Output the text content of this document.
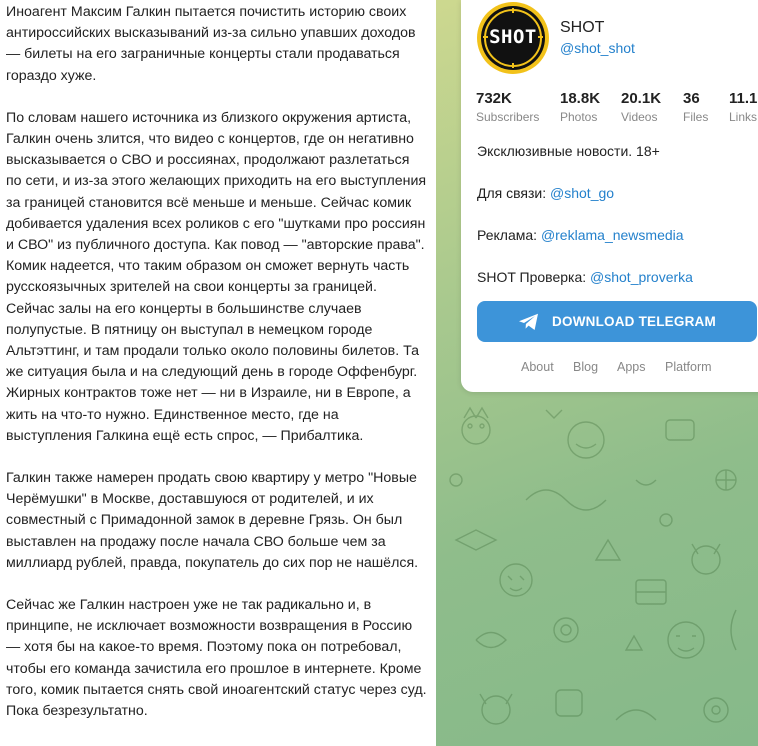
Иноагент Максим Галкин пытается почистить историю своих антироссийских высказываний из-за сильно упавших доходов — билеты на его заграничные концерты стали продаваться гораздо хуже.

По словам нашего источника из близкого окружения артиста, Галкин очень злится, что видео с концертов, где он негативно высказывается о СВО и россиянах, продолжают разлетаться по сети, и из-за этого желающих приходить на его выступления за границей становится всё меньше и меньше. Сейчас комик добивается удаления всех роликов с его "шутками про россиян и СВО" из публичного доступа. Как повод — "авторские права". Комик надеется, что таким образом он сможет вернуть часть русскоязычных зрителей на свои концерты за границей. Сейчас залы на его концерты в большинстве случаев полупустые. В пятницу он выступал в немецком городе Альтэттинг, и там продали только около половины билетов. Та же ситуация была и на следующий день в городе Оффенбург. Жирных контрактов тоже нет — ни в Израиле, ни в Европе, а жить на что-то нужно. Единственное место, где на выступления Галкина ещё есть спрос, — Прибалтика.

Галкин также намерен продать свою квартиру у метро "Новые Черёмушки" в Москве, доставшуюся от родителей, и их совместный с Примадонной замок в деревне Грязь. Он был выставлен на продажу после начала СВО больше чем за миллиард рублей, правда, покупатель до сих пор не нашёлся.

Сейчас же Галкин настроен уже не так радикально и, в принципе, не исключает возможности возвращения в Россию — хотя бы на какое-то время. Поэтому пока он потребовал, чтобы его команда зачистила его прошлое в интернете. Кроме того, комик пытается снять свой иноагентский статус через суд. Пока безрезультатно.

SHOT	SHOT
@shot_shot
732K
Subscribers
18.8K
Photos
20.1K
Videos
36
Files
11.1
Links
Эксклюзивные новости. 18+
Для связи: @shot_go
Реклама: @reklama_newsmedia
SHOT Проверка: @shot_proverka
DOWNLOAD TELEGRAM
About Blog Apps Platform
